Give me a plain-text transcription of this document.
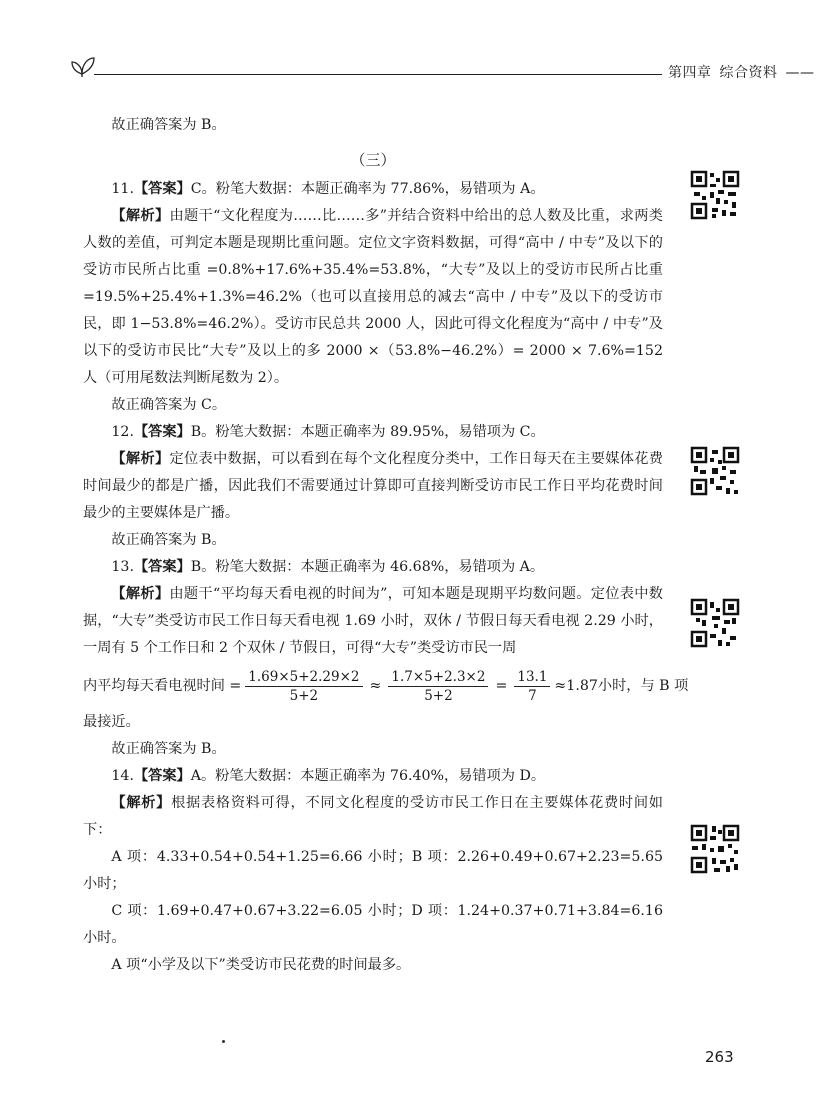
第四章 综合资料 ——

故正确答案为 B。

（三）

11.【答案】C。粉笔大数据：本题正确率为 77.86%，易错项为 A。

【解析】由题干“文化程度为……比……多”并结合资料中给出的总人数及比重，求两类人数的差值，可判定本题是现期比重问题。定位文字资料数据，可得“高中 / 中专”及以下的受访市民所占比重 =0.8%+17.6%+35.4%=53.8%，“大专”及以上的受访市民所占比重 =19.5%+25.4%+1.3%=46.2%（也可以直接用总的减去“高中 / 中专”及以下的受访市民，即 1−53.8%=46.2%）。受访市民总共 2000 人，因此可得文化程度为“高中 / 中专”及以下的受访市民比“大专”及以上的多 2000 ×（53.8%−46.2%）= 2000 × 7.6%=152 人（可用尾数法判断尾数为 2）。

故正确答案为 C。

12.【答案】B。粉笔大数据：本题正确率为 89.95%，易错项为 C。

【解析】定位表中数据，可以看到在每个文化程度分类中，工作日每天在主要媒体花费时间最少的都是广播，因此我们不需要通过计算即可直接判断受访市民工作日平均花费时间最少的主要媒体是广播。

故正确答案为 B。

13.【答案】B。粉笔大数据：本题正确率为 46.68%，易错项为 A。

【解析】由题干“平均每天看电视的时间为”，可知本题是现期平均数问题。定位表中数据，“大专”类受访市民工作日每天看电视 1.69 小时，双休 / 节假日每天看电视 2.29 小时，一周有 5 个工作日和 2 个双休 / 节假日，可得“大专”类受访市民一周

内平均每天看电视时间 = $\frac{1.69\times 5+2.29\times 2}{5+2} \approx \frac{1.7\times 5+2.3\times 2}{5+2} = \frac{13.1}{7} \approx 1.87$小时，与 B 项

最接近。

故正确答案为 B。

14.【答案】A。粉笔大数据：本题正确率为 76.40%，易错项为 D。

【解析】根据表格资料可得，不同文化程度的受访市民工作日在主要媒体花费时间如下：

A 项：4.33+0.54+0.54+1.25=6.66 小时；B 项：2.26+0.49+0.67+2.23=5.65 小时；

C 项：1.69+0.47+0.67+3.22=6.05 小时；D 项：1.24+0.37+0.71+3.84=6.16 小时。

A 项“小学及以下”类受访市民花费的时间最多。

263
